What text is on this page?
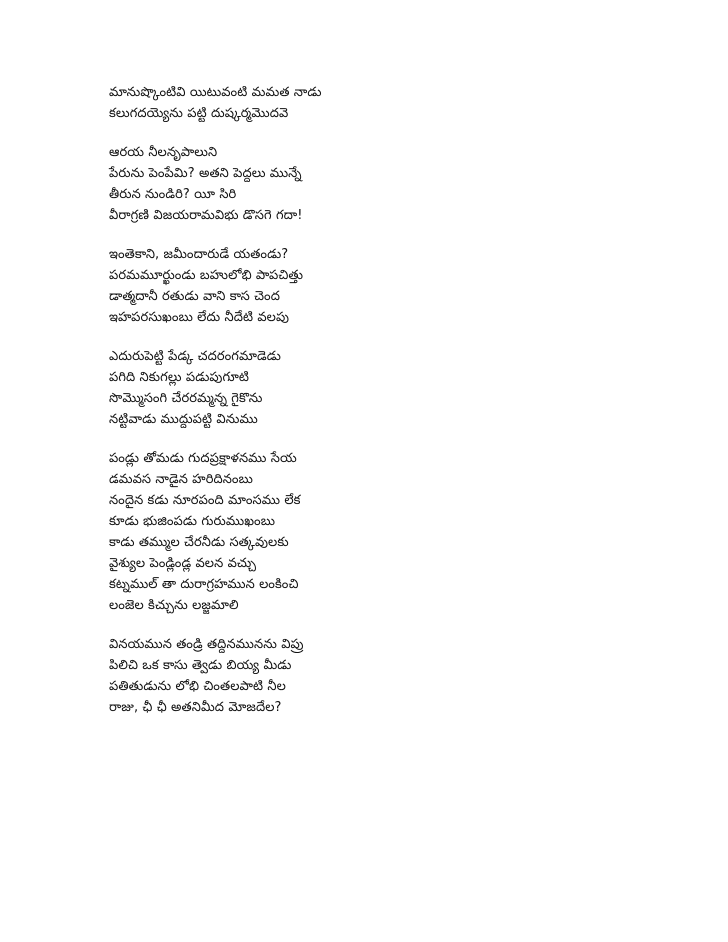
మానుష్కొంటివి యిటువంటి మమత నాడు
కలుగదయ్యెను పట్టి దుష్కర్మమొదవె
ఆరయ నీలనృపాలుని
పేరును పెంపేమి? అతని పెద్దలు మున్నే
తీరున నుండిరి? యీ సిరి
వీరాగ్రణి విజయరామవిభు డొసగె గదా!
ఇంతెకాని, జమీందారుడే యతండు?
పరమమూర్ఖుండు బహులోభి పాపచిత్తు
డాత్మదానీ రతుడు వాని కాస చెంద
ఇహపరసుఖంబు లేదు నీదేటి వలపు
ఎదురుపెట్టి పేడ్క చదరంగమాడెడు
పగిది నికుగల్లు పడుపుగూటి
సొమ్మొసంగి చేరరమ్మన్న గైకొను
నట్టివాడు ముద్దుపట్టి వినుము
పండ్లు తోమడు గుదప్రక్షాళనము సేయ
డమవస నాడైన హరిదినంబు
నందైన కడు నూరపంది మాంసము లేక
కూడు భుజింపడు గురుముఖంబు
కాడు తమ్ముల చేరనీడు సత్కవులకు
వైశ్యుల పెండ్లిండ్ల వలన వచ్చు
కట్నముల్ తా దురాగ్రహమున లంకించి
లంజెల కిచ్చును లజ్జమాలి
వినయమున తండ్రి తద్దినమునను విప్రు
పిలిచి ఒక కాసు త్వెడు బియ్య మీడు
పతితుడును లోభి చింతలపాటి నీల
రాజు, ఛీ ఛీ అతనిమీద మోజదేల?
